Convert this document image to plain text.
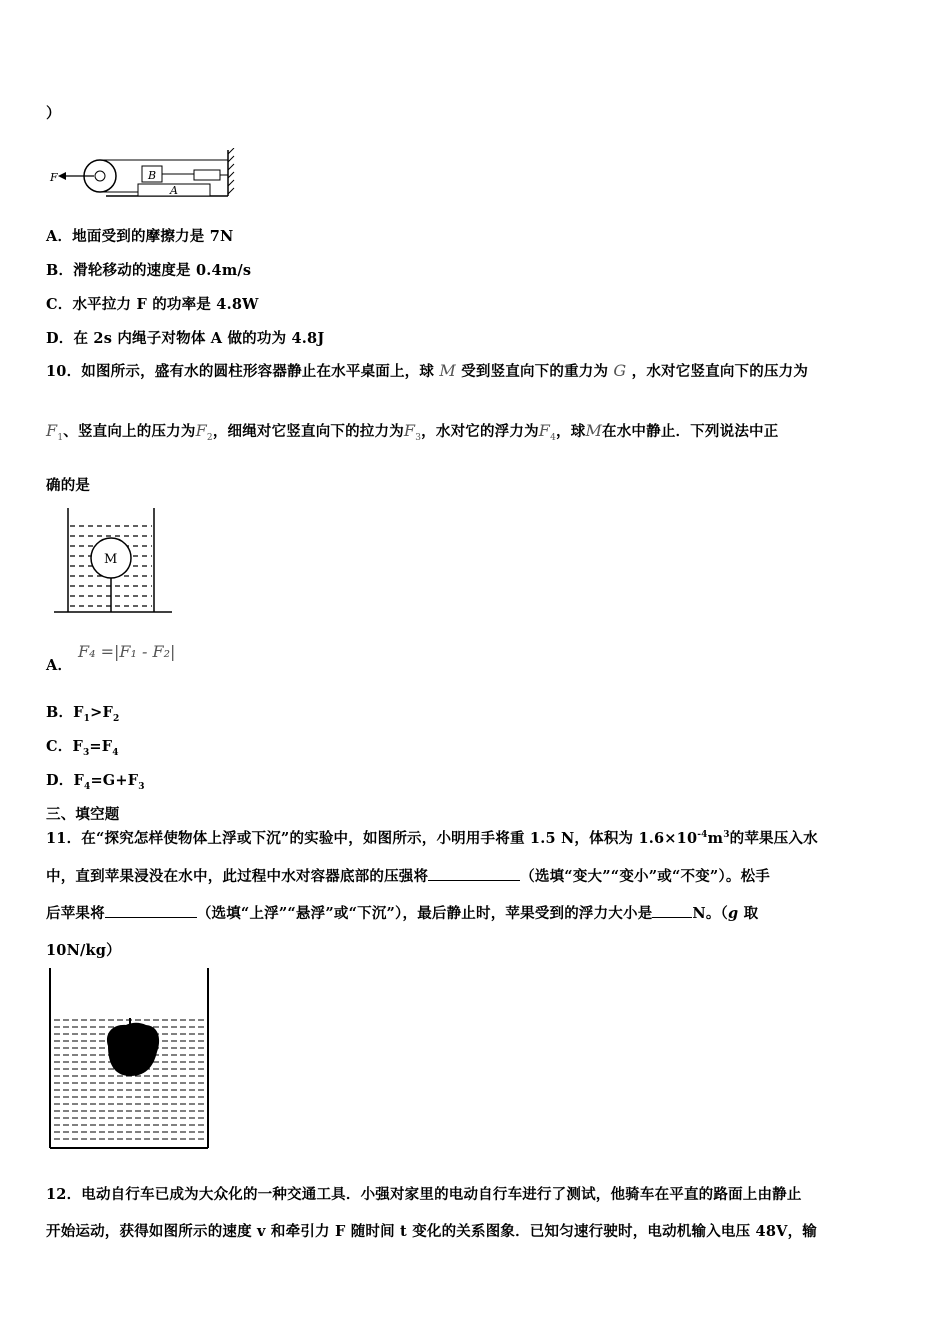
）
F	B
A
A．地面受到的摩擦力是 7N
B．滑轮移动的速度是 0.4m/s
C．水平拉力 F 的功率是 4.8W
D．在 2s 内绳子对物体 A 做的功为 4.8J
10．如图所示，盛有水的圆柱形容器静止在水平桌面上，球 M 受到竖直向下的重力为 G ，水对它竖直向下的压力为
$F_1$、竖直向上的压力为$F_2$，细绳对它竖直向下的拉力为$F_3$，水对它的浮力为$F_4$，球M在水中静止．下列说法中正
确的是
M
A．
F₄ =|F₁ - F₂|
B．$F_1>F_2$
C．$F_3=F_4$
D．$F_4=G+F_3$
三、填空题
11．在“探究怎样使物体上浮或下沉”的实验中，如图所示，小明用手将重 1.5 N，体积为 $1.6\times 10^{-4}m^3$的苹果压入水
中，直到苹果浸没在水中，此过程中水对容器底部的压强将	（选填“变大”“变小”或“不变”）。松手
后苹果将	（选填“上浮”“悬浮”或“下沉”），最后静止时，苹果受到的浮力大小是	N。（g 取
10N/kg）
12．电动自行车已成为大众化的一种交通工具．小强对家里的电动自行车进行了测试，他骑车在平直的路面上由静止
开始运动，获得如图所示的速度 v 和牵引力 F 随时间 t 变化的关系图象．已知匀速行驶时，电动机输入电压 48V，输
